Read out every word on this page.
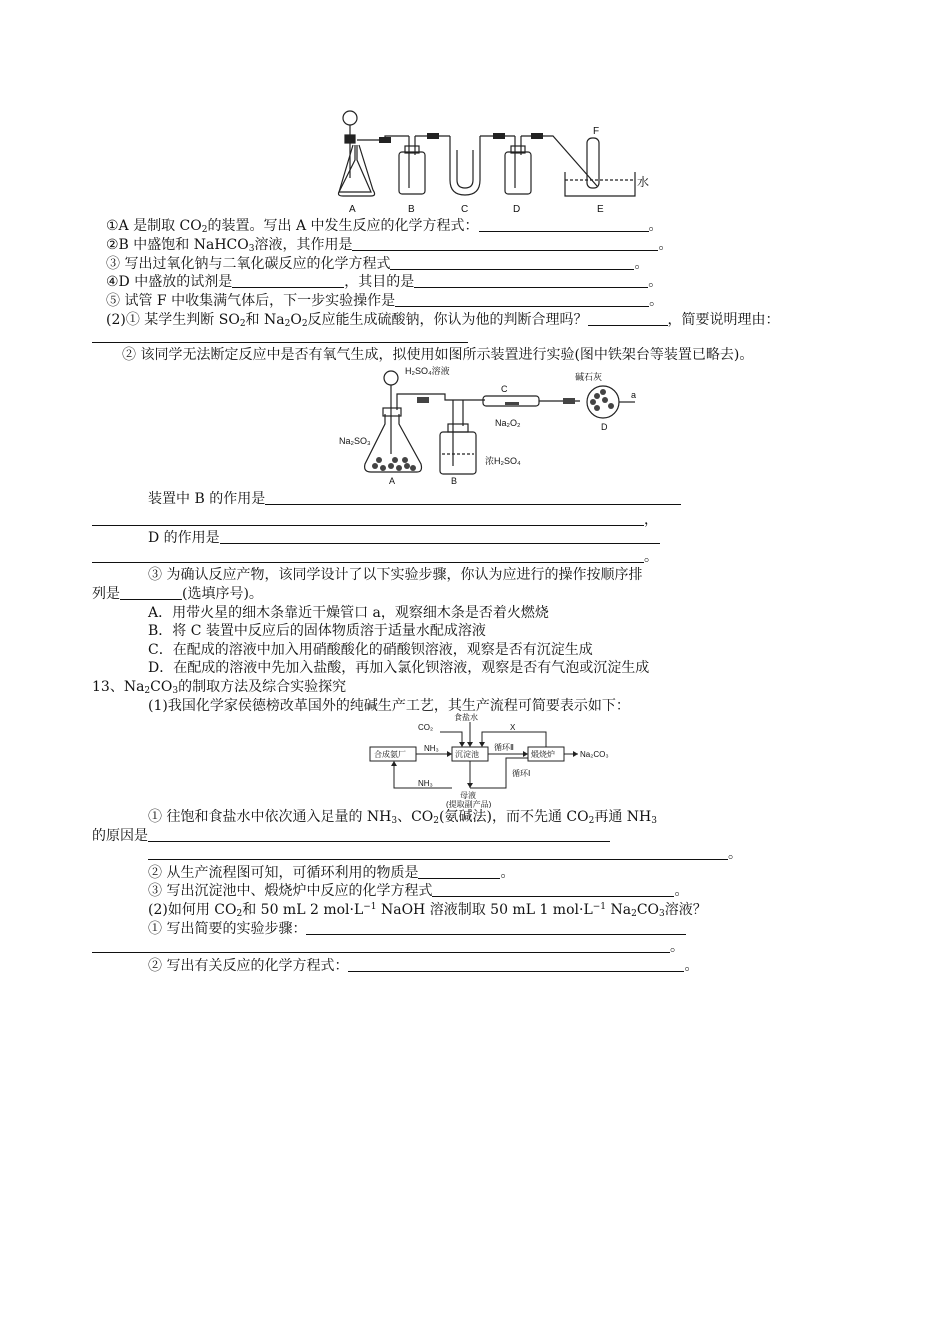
A	B	C	D	E
F
水
①A 是制取 $CO_2$的装置。写出 A 中发生反应的化学方程式：	。
②B 中盛饱和 NaHCO$_3$溶液，其作用是	。
③ 写出过氧化钠与二氧化碳反应的化学方程式	。
④D 中盛放的试剂是	，其目的是	。
⑤ 试管 F 中收集满气体后，下一步实验操作是	。
(2)① 某学生判断 $SO_2$和 $Na_2O_2$反应能生成硫酸钠，你认为他的判断合理吗？	，简要说明理由：
② 该同学无法断定反应中是否有氧气生成，拟使用如图所示装置进行实验(图中铁架台等装置已略去)。
H₂SO₄溶液
C
碱石灰
a
Na₂SO₃
Na₂O₂	D
A	B
浓H₂SO₄
装置中 B 的作用是
，
D 的作用是
。
③ 为确认反应产物，该同学设计了以下实验步骤，你认为应进行的操作按顺序排
列是	(选填序号)。
A．用带火星的细木条靠近干燥管口 a，观察细木条是否着火燃烧
B．将 C 装置中反应后的固体物质溶于适量水配成溶液
C．在配成的溶液中加入用硝酸酸化的硝酸钡溶液，观察是否有沉淀生成
D．在配成的溶液中先加入盐酸，再加入氯化钡溶液，观察是否有气泡或沉淀生成
13、$Na_2CO_3$的制取方法及综合实验探究
(1)我国化学家侯德榜改革国外的纯碱生产工艺，其生产流程可简要表示如下：
食盐水
CO₂	X
合成氨厂
NH₃
沉淀池
循环Ⅱ
煅烧炉	Na₂CO₃
循环Ⅰ
NH₃
母液
(提取副产品)
① 往饱和食盐水中依次通入足量的 $NH_3$、$CO_2$(氨碱法)，而不先通 $CO_2$再通 $NH_3$
的原因是
。
② 从生产流程图可知，可循环利用的物质是	。
③ 写出沉淀池中、煅烧炉中反应的化学方程式	。
(2)如何用 $CO_2$和 50 mL 2 $mol\cdot L^{-1}$ NaOH 溶液制取 50 mL 1 $mol\cdot L^{-1}$ $Na_2CO_3$溶液？
① 写出简要的实验步骤：
。
② 写出有关反应的化学方程式：	。
